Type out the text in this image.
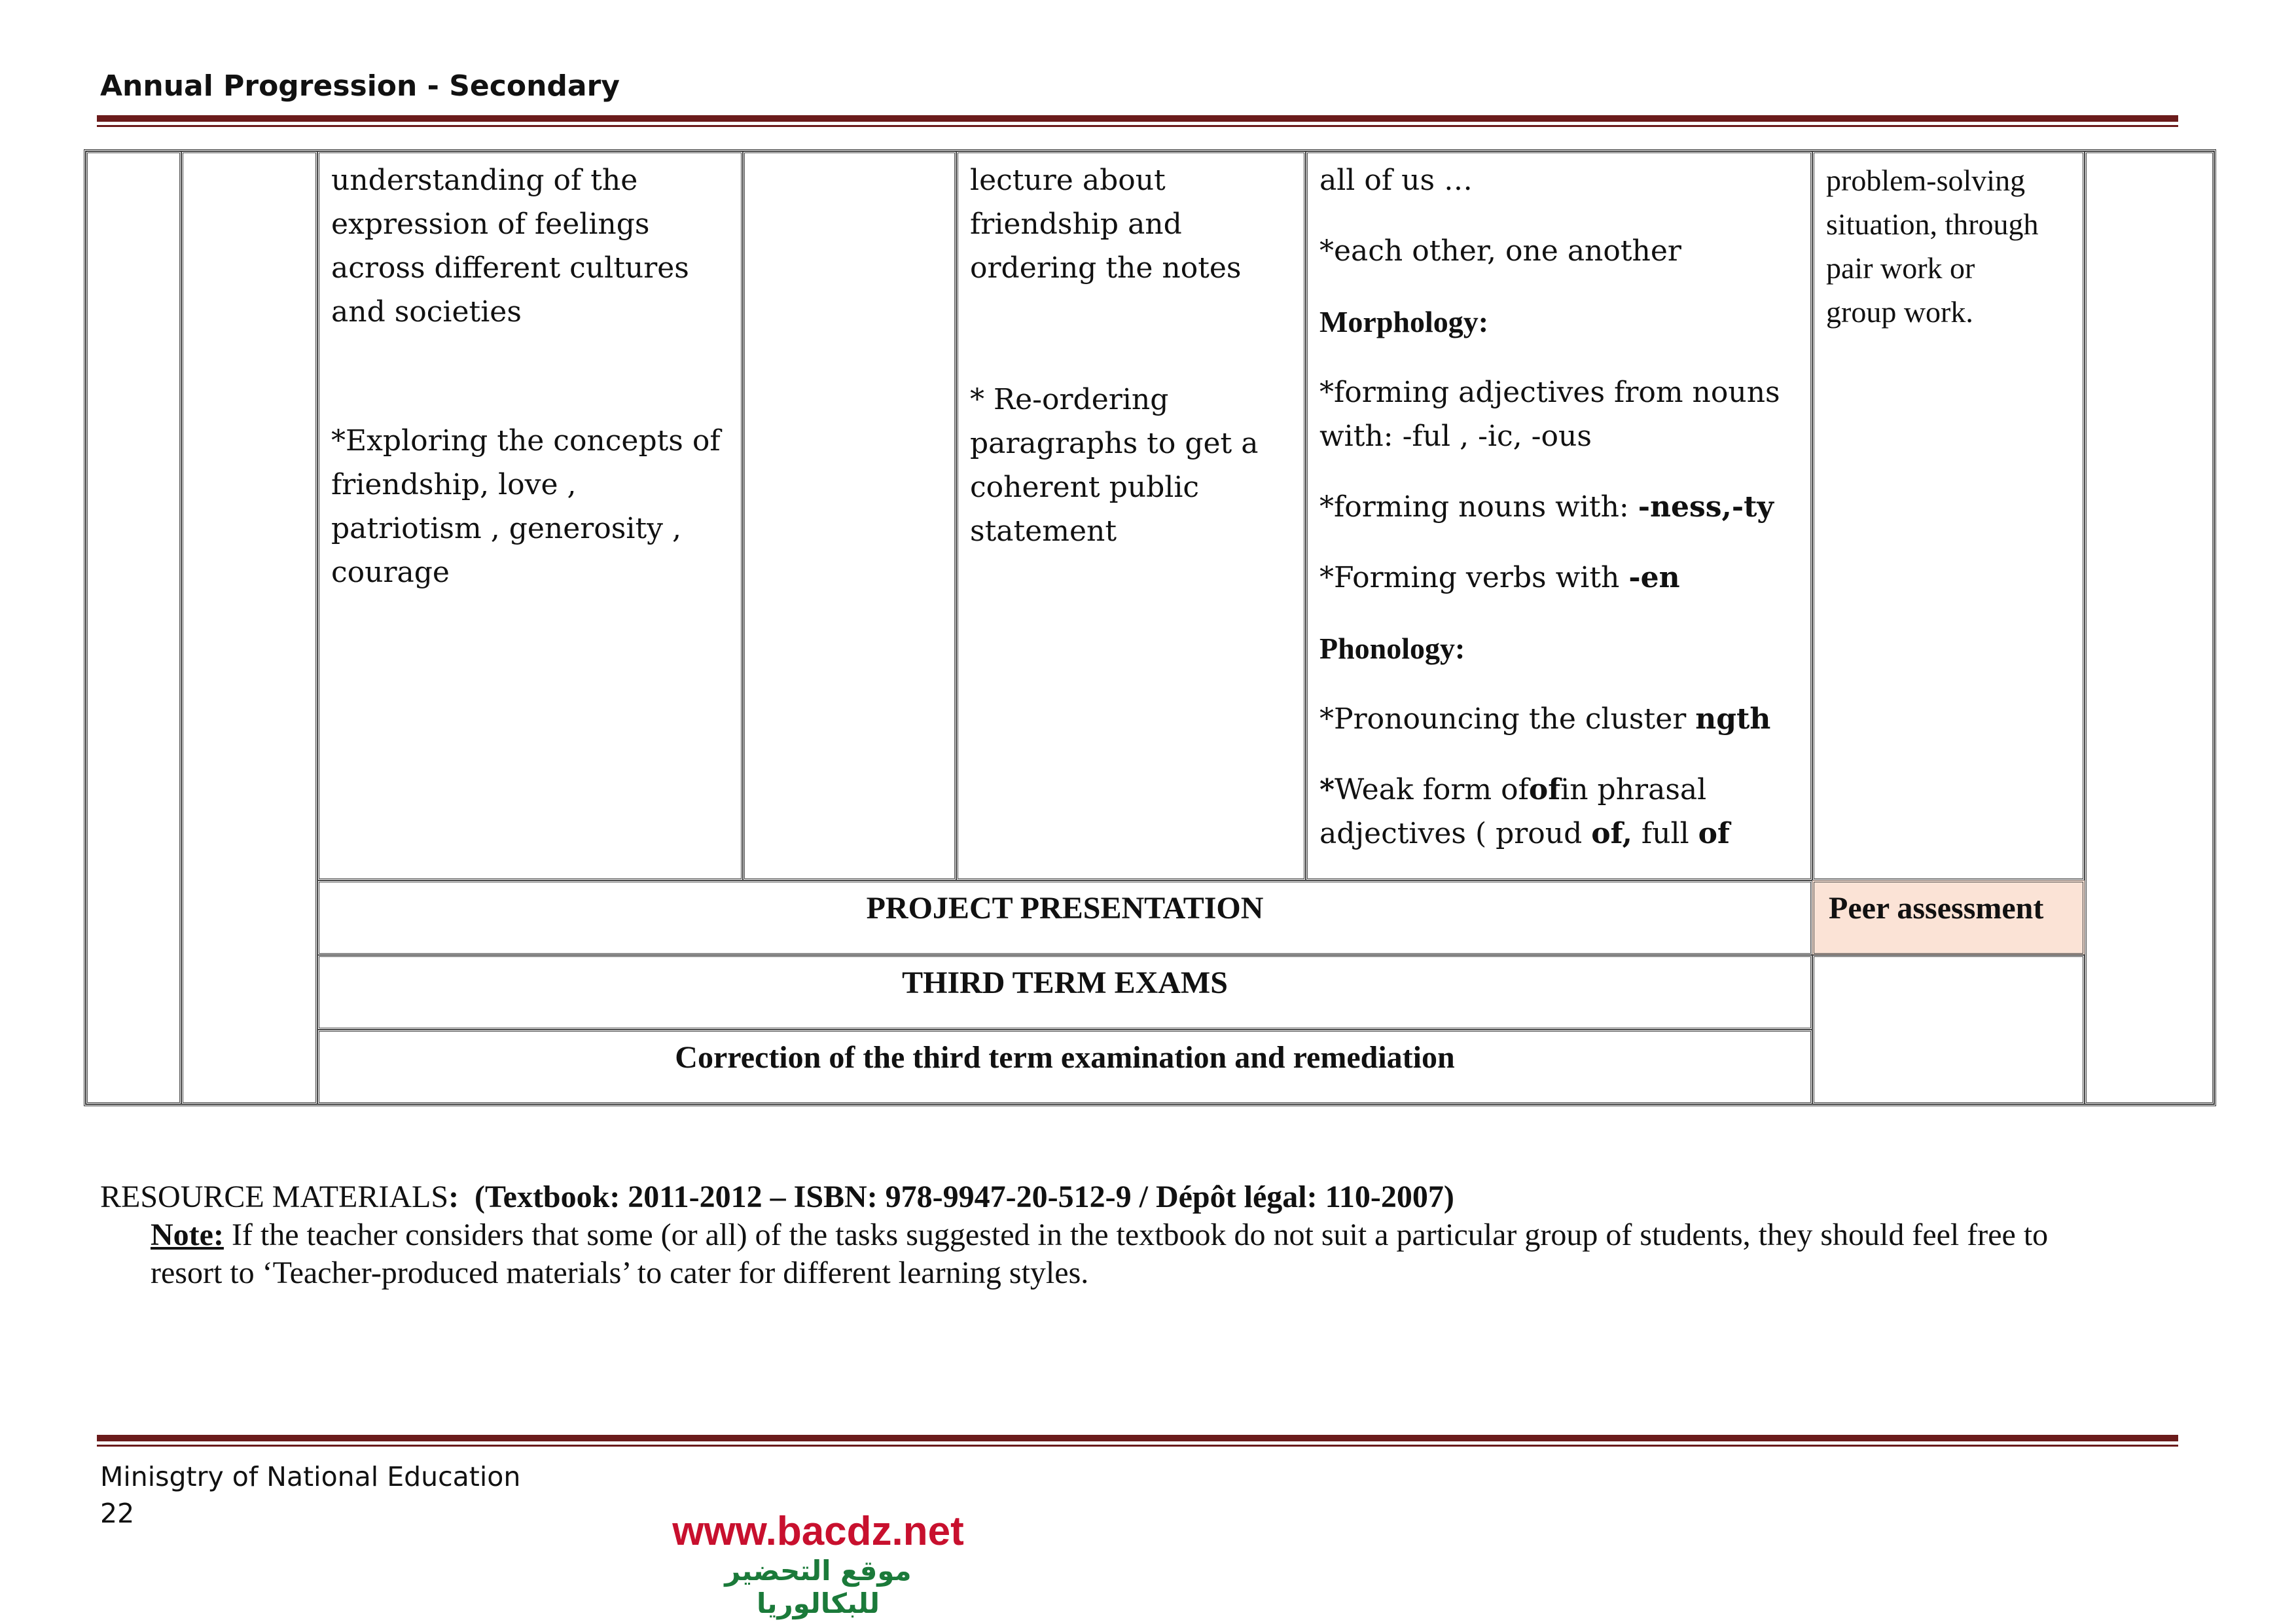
Annual Progression - Secondary

understanding of the

expression of feelings

across different cultures

and societies

*Exploring the concepts of

friendship, love ,

patriotism , generosity ,

courage

lecture about

friendship and

ordering the notes

* Re-ordering

paragraphs to get a

coherent public

statement

all of us …

*each other, one another

Morphology:

*forming adjectives from nouns

with: -ful , -ic, -ous

*forming nouns with: -ness,-ty

*Forming verbs with -en

Phonology:

*Pronouncing the cluster ngth

*Weak form ofofin phrasal

adjectives ( proud of, full of

problem-solving

situation, through

pair work or

group work.

PROJECT PRESENTATION	Peer assessment
THIRD TERM EXAMS
Correction of the third term examination and remediation
RESOURCE MATERIALS: (Textbook: 2011-2012 – ISBN: 978-9947-20-512-9 / Dépôt légal: 110-2007)
Note: If the teacher considers that some (or all) of the tasks suggested in the textbook do not suit a particular group of students, they should feel free to
resort to ‘Teacher-produced materials’ to cater for different learning styles.
Minisgtry of National Education
22	www.bacdz.net
موقع التحضير للبكالوريا
